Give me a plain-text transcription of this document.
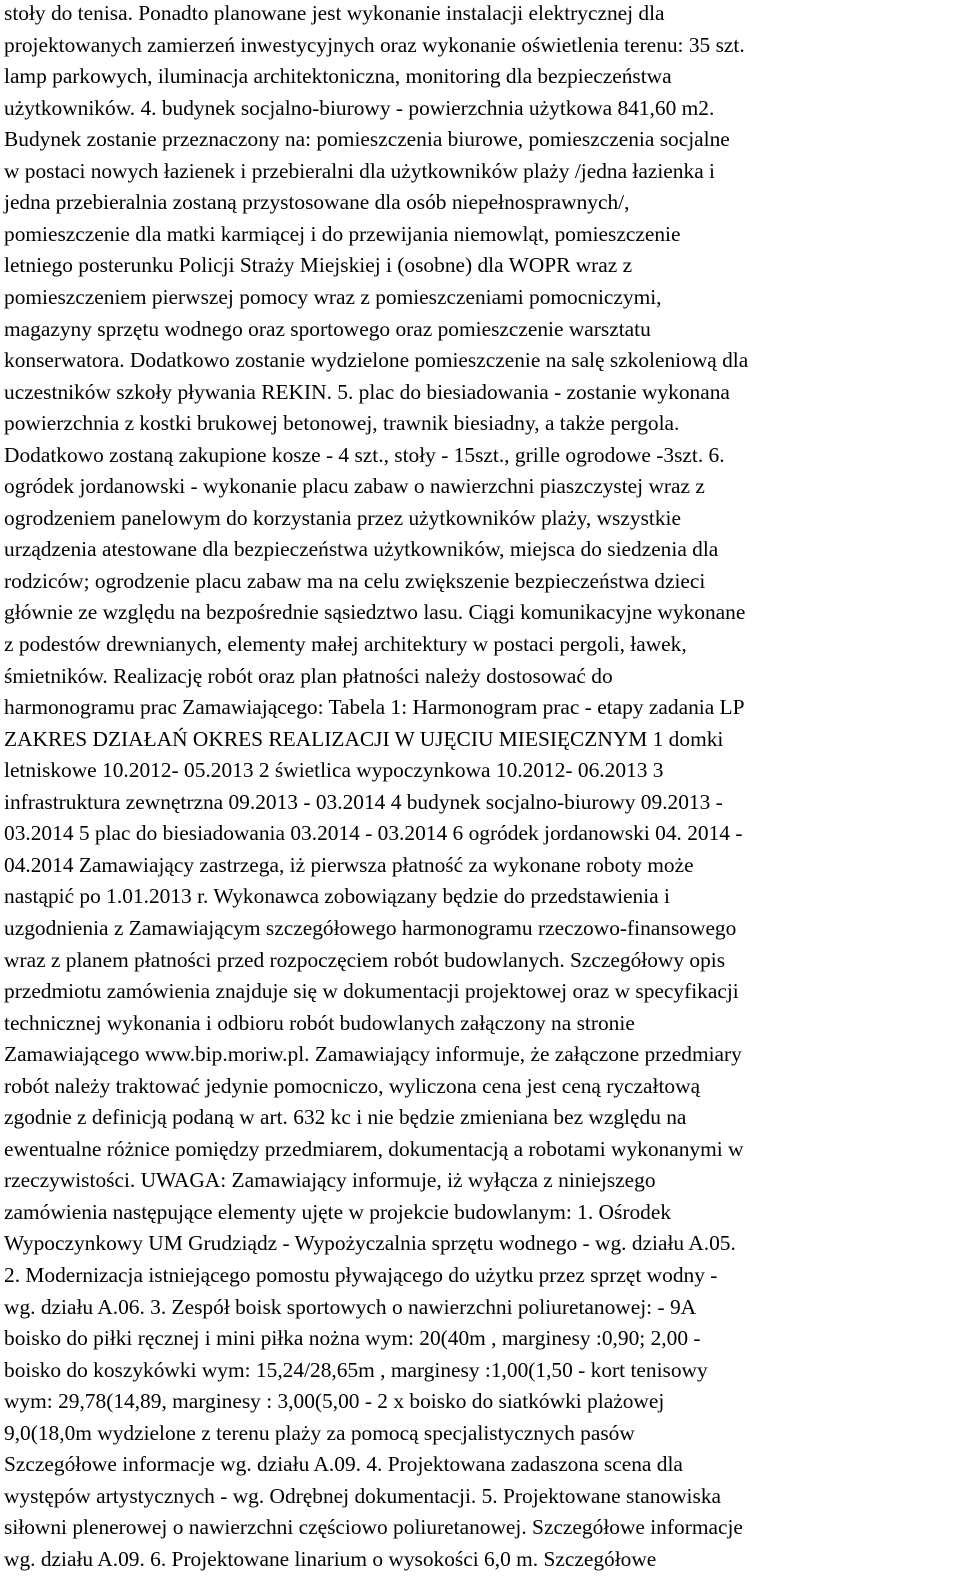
stoły do tenisa. Ponadto planowane jest wykonanie instalacji elektrycznej dla
projektowanych zamierzeń inwestycyjnych oraz wykonanie oświetlenia terenu: 35 szt.
lamp parkowych, iluminacja architektoniczna, monitoring dla bezpieczeństwa
użytkowników. 4. budynek socjalno-biurowy - powierzchnia użytkowa 841,60 m2.
Budynek zostanie przeznaczony na: pomieszczenia biurowe, pomieszczenia socjalne
w postaci nowych łazienek i przebieralni dla użytkowników plaży /jedna łazienka i
jedna przebieralnia zostaną przystosowane dla osób niepełnosprawnych/,
pomieszczenie dla matki karmiącej i do przewijania niemowląt, pomieszczenie
letniego posterunku Policji Straży Miejskiej i (osobne) dla WOPR wraz z
pomieszczeniem pierwszej pomocy wraz z pomieszczeniami pomocniczymi,
magazyny sprzętu wodnego oraz sportowego oraz pomieszczenie warsztatu
konserwatora. Dodatkowo zostanie wydzielone pomieszczenie na salę szkoleniową dla
uczestników szkoły pływania REKIN. 5. plac do biesiadowania - zostanie wykonana
powierzchnia z kostki brukowej betonowej, trawnik biesiadny, a także pergola.
Dodatkowo zostaną zakupione kosze - 4 szt., stoły - 15szt., grille ogrodowe -3szt. 6.
ogródek jordanowski - wykonanie placu zabaw o nawierzchni piaszczystej wraz z
ogrodzeniem panelowym do korzystania przez użytkowników plaży, wszystkie
urządzenia atestowane dla bezpieczeństwa użytkowników, miejsca do siedzenia dla
rodziców; ogrodzenie placu zabaw ma na celu zwiększenie bezpieczeństwa dzieci
głównie ze względu na bezpośrednie sąsiedztwo lasu. Ciągi komunikacyjne wykonane
z podestów drewnianych, elementy małej architektury w postaci pergoli, ławek,
śmietników. Realizację robót oraz plan płatności należy dostosować do
harmonogramu prac Zamawiającego: Tabela 1: Harmonogram prac - etapy zadania LP
ZAKRES DZIAŁAŃ OKRES REALIZACJI W UJĘCIU MIESIĘCZNYM 1 domki
letniskowe 10.2012- 05.2013 2 świetlica wypoczynkowa 10.2012- 06.2013 3
infrastruktura zewnętrzna 09.2013 - 03.2014 4 budynek socjalno-biurowy 09.2013 -
03.2014 5 plac do biesiadowania 03.2014 - 03.2014 6 ogródek jordanowski 04. 2014 -
04.2014 Zamawiający zastrzega, iż pierwsza płatność za wykonane roboty może
nastąpić po 1.01.2013 r. Wykonawca zobowiązany będzie do przedstawienia i
uzgodnienia z Zamawiającym szczegółowego harmonogramu rzeczowo-finansowego
wraz z planem płatności przed rozpoczęciem robót budowlanych. Szczegółowy opis
przedmiotu zamówienia znajduje się w dokumentacji projektowej oraz w specyfikacji
technicznej wykonania i odbioru robót budowlanych załączony na stronie
Zamawiającego www.bip.moriw.pl. Zamawiający informuje, że załączone przedmiary
robót należy traktować jedynie pomocniczo, wyliczona cena jest ceną ryczałtową
zgodnie z definicją podaną w art. 632 kc i nie będzie zmieniana bez względu na
ewentualne różnice pomiędzy przedmiarem, dokumentacją a robotami wykonanymi w
rzeczywistości. UWAGA: Zamawiający informuje, iż wyłącza z niniejszego
zamówienia następujące elementy ujęte w projekcie budowlanym: 1. Ośrodek
Wypoczynkowy UM Grudziądz - Wypożyczalnia sprzętu wodnego - wg. działu A.05.
2. Modernizacja istniejącego pomostu pływającego do użytku przez sprzęt wodny -
wg. działu A.06. 3. Zespół boisk sportowych o nawierzchni poliuretanowej: - 9A
boisko do piłki ręcznej i mini piłka nożna wym: 20(40m , marginesy :0,90; 2,00 -
boisko do koszykówki wym: 15,24/28,65m , marginesy :1,00(1,50 - kort tenisowy
wym: 29,78(14,89, marginesy : 3,00(5,00 - 2 x boisko do siatkówki plażowej
9,0(18,0m wydzielone z terenu plaży za pomocą specjalistycznych pasów
Szczegółowe informacje wg. działu A.09. 4. Projektowana zadaszona scena dla
występów artystycznych - wg. Odrębnej dokumentacji. 5. Projektowane stanowiska
siłowni plenerowej o nawierzchni częściowo poliuretanowej. Szczegółowe informacje
wg. działu A.09. 6. Projektowane linarium o wysokości 6,0 m. Szczegółowe
